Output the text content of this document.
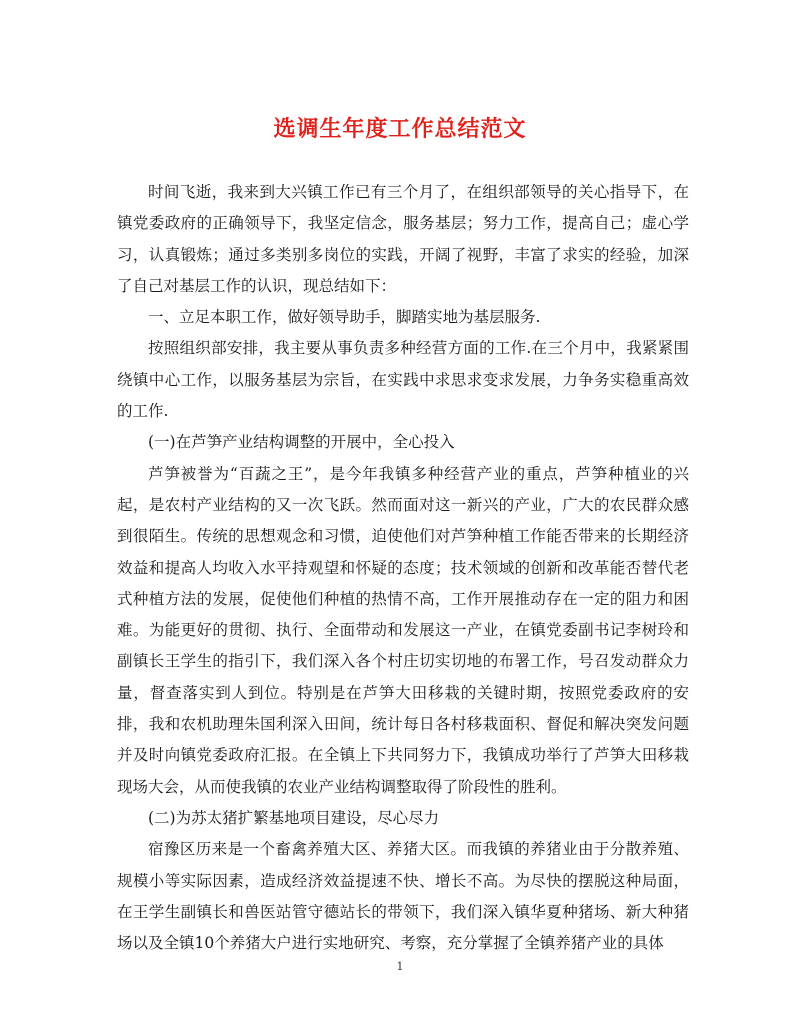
选调生年度工作总结范文

时间飞逝，我来到大兴镇工作已有三个月了，在组织部领导的关心指导下，在镇党委政府的正确领导下，我坚定信念，服务基层；努力工作，提高自己；虚心学习，认真锻炼；通过多类别多岗位的实践，开阔了视野，丰富了求实的经验，加深了自己对基层工作的认识，现总结如下：

一、立足本职工作，做好领导助手，脚踏实地为基层服务.

按照组织部安排，我主要从事负责多种经营方面的工作.在三个月中，我紧紧围绕镇中心工作，以服务基层为宗旨，在实践中求思求变求发展，力争务实稳重高效的工作.

(一)在芦笋产业结构调整的开展中，全心投入

芦笋被誉为“百蔬之王”，是今年我镇多种经营产业的重点，芦笋种植业的兴起，是农村产业结构的又一次飞跃。然而面对这一新兴的产业，广大的农民群众感到很陌生。传统的思想观念和习惯，迫使他们对芦笋种植工作能否带来的长期经济效益和提高人均收入水平持观望和怀疑的态度；技术领域的创新和改革能否替代老式种植方法的发展，促使他们种植的热情不高，工作开展推动存在一定的阻力和困难。为能更好的贯彻、执行、全面带动和发展这一产业，在镇党委副书记李树玲和副镇长王学生的指引下，我们深入各个村庄切实切地的布署工作，号召发动群众力量，督查落实到人到位。特别是在芦笋大田移栽的关键时期，按照党委政府的安排，我和农机助理朱国利深入田间，统计每日各村移栽面积、督促和解决突发问题并及时向镇党委政府汇报。在全镇上下共同努力下，我镇成功举行了芦笋大田移栽现场大会，从而使我镇的农业产业结构调整取得了阶段性的胜利。

(二)为苏太猪扩繁基地项目建设，尽心尽力

宿豫区历来是一个畜禽养殖大区、养猪大区。而我镇的养猪业由于分散养殖、规模小等实际因素，造成经济效益提速不快、增长不高。为尽快的摆脱这种局面，在王学生副镇长和兽医站管守德站长的带领下，我们深入镇华夏种猪场、新大种猪场以及全镇10个养猪大户进行实地研究、考察，充分掌握了全镇养猪产业的具体

1
